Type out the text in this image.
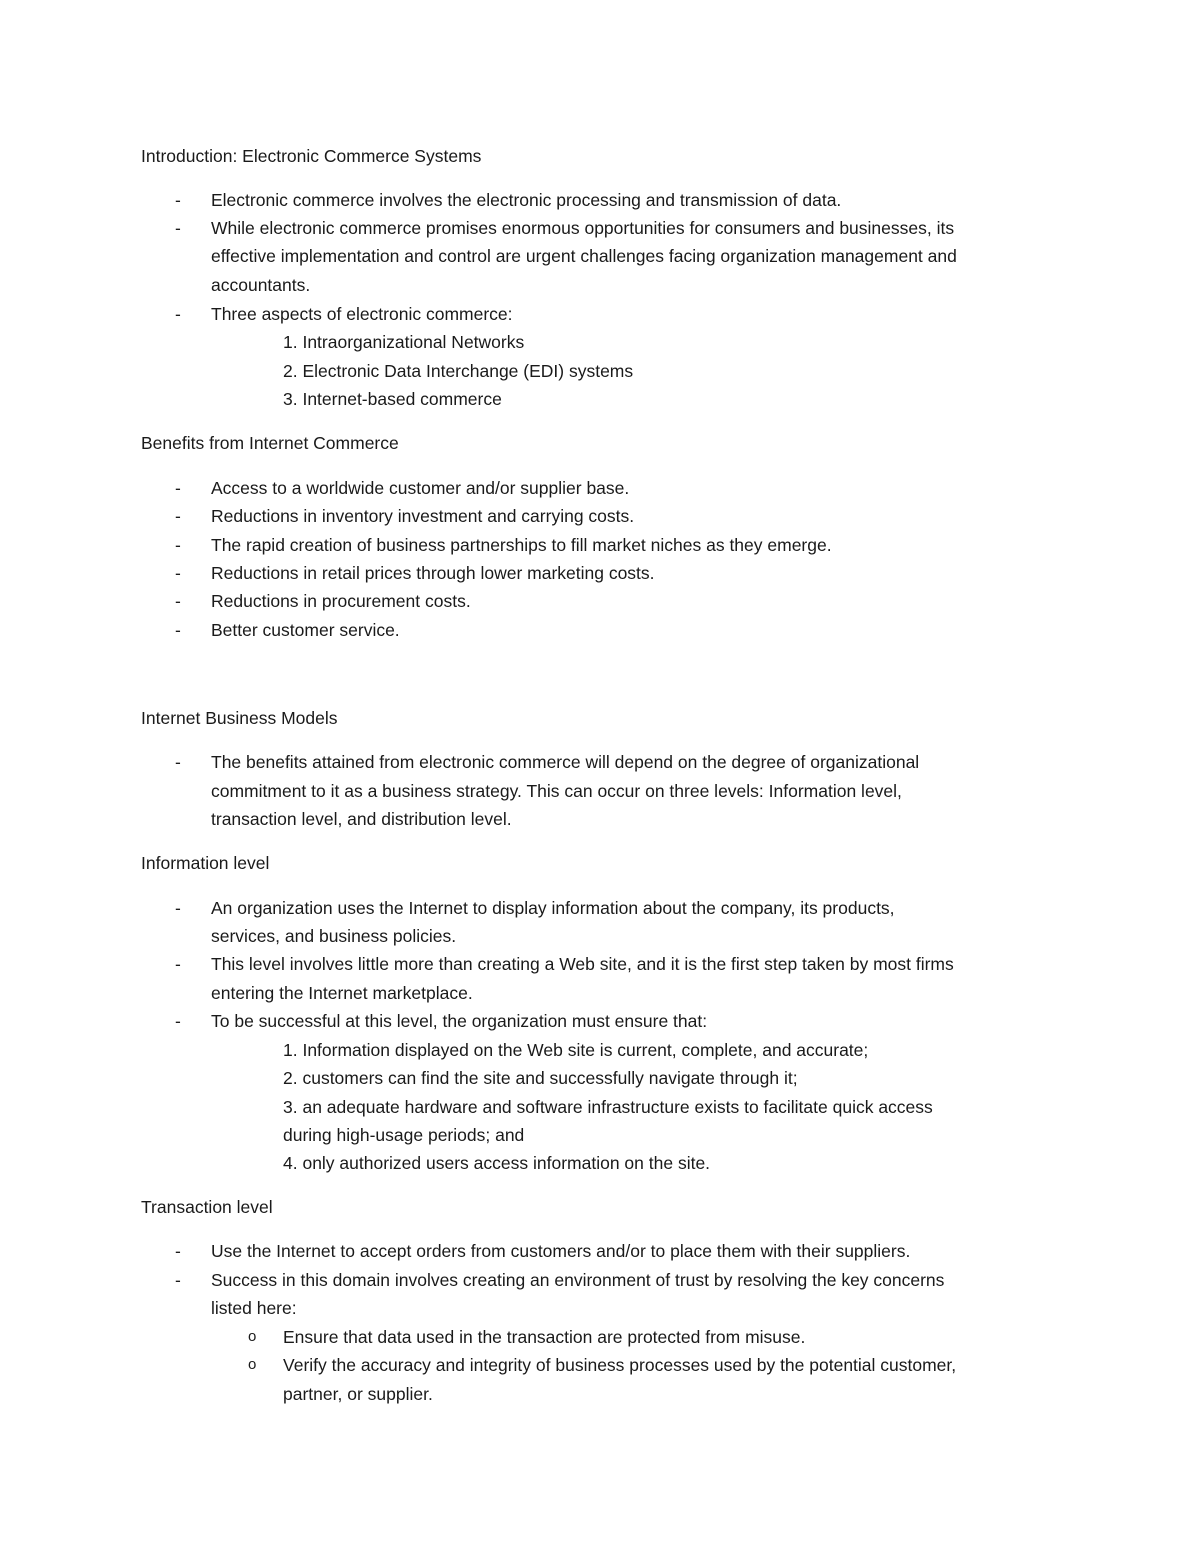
Introduction: Electronic Commerce Systems
-	Electronic commerce involves the electronic processing and transmission of data.
-	While electronic commerce promises enormous opportunities for consumers and businesses, its
effective implementation and control are urgent challenges facing organization management and
accountants.
-	Three aspects of electronic commerce:
1. Intraorganizational Networks
2. Electronic Data Interchange (EDI) systems
3. Internet-based commerce
Benefits from Internet Commerce
-	Access to a worldwide customer and/or supplier base.
-	Reductions in inventory investment and carrying costs.
-	The rapid creation of business partnerships to fill market niches as they emerge.
-	Reductions in retail prices through lower marketing costs.
-	Reductions in procurement costs.
-	Better customer service.
Internet Business Models
-	The benefits attained from electronic commerce will depend on the degree of organizational
commitment to it as a business strategy. This can occur on three levels: Information level,
transaction level, and distribution level.
Information level
-	An organization uses the Internet to display information about the company, its products,
services, and business policies.
-	This level involves little more than creating a Web site, and it is the first step taken by most firms
entering the Internet marketplace.
-	To be successful at this level, the organization must ensure that:
1. Information displayed on the Web site is current, complete, and accurate;
2. customers can find the site and successfully navigate through it;
3. an adequate hardware and software infrastructure exists to facilitate quick access
during high-usage periods; and
4. only authorized users access information on the site.
Transaction level
-	Use the Internet to accept orders from customers and/or to place them with their suppliers.
-	Success in this domain involves creating an environment of trust by resolving the key concerns
listed here:
o Ensure that data used in the transaction are protected from misuse.
o Verify the accuracy and integrity of business processes used by the potential customer,
partner, or supplier.
